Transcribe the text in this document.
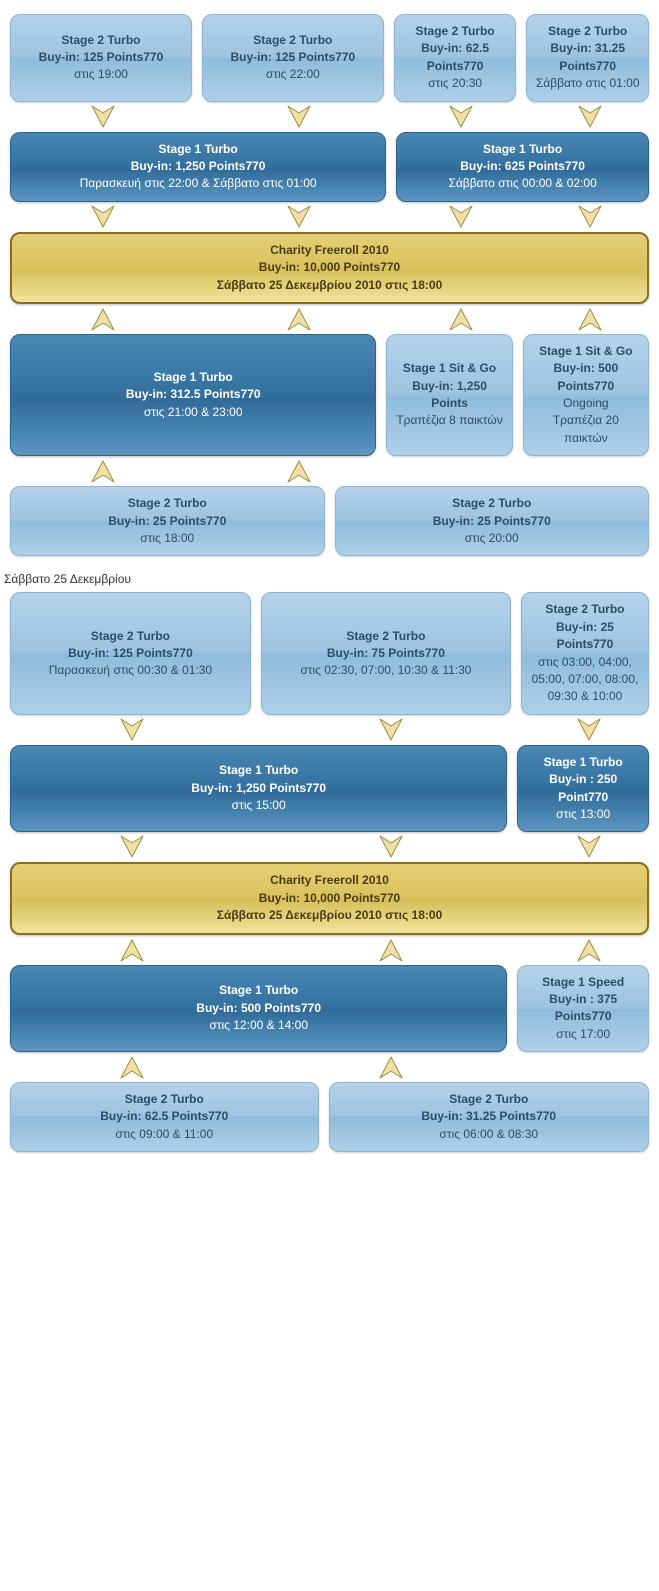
Stage 2 Turbo
Buy-in: 125 Points770
στις 19:00
Stage 2 Turbo
Buy-in: 125 Points770
στις 22:00
Stage 2 Turbo
Buy-in: 62.5 Points770
στις 20:30
Stage 2 Turbo
Buy-in: 31.25 Points770
Σάββατο στις 01:00
Stage 1 Turbo
Buy-in: 1,250 Points770
Παρασκευή στις 22:00 & Σάββατο στις 01:00
Stage 1 Turbo
Buy-in: 625 Points770
Σάββατο στις 00:00 & 02:00
Charity Freeroll 2010
Buy-in: 10,000 Points770
Σάββατο 25 Δεκεμβρίου 2010 στις 18:00
Stage 1 Turbo
Buy-in: 312.5 Points770
στις 21:00 & 23:00
Stage 1 Sit & Go
Buy-in: 1,250 Points
Τραπέζια 8 παικτών
Stage 1 Sit & Go
Buy-in: 500 Points770
Ongoing
Τραπέζια 20 παικτών
Stage 2 Turbo
Buy-in: 25 Points770
στις 18:00
Stage 2 Turbo
Buy-in: 25 Points770
στις 20:00
Σάββατο 25 Δεκεμβρίου
Stage 2 Turbo
Buy-in: 125 Points770
Παρασκευή στις 00:30 & 01:30
Stage 2 Turbo
Buy-in: 75 Points770
στις 02:30, 07:00, 10:30 & 11:30
Stage 2 Turbo
Buy-in: 25 Points770
στις 03:00, 04:00, 05:00, 07:00, 08:00, 09:30 & 10:00
Stage 1 Turbo
Buy-in: 1,250 Points770
στις 15:00
Stage 1 Turbo
Buy-in : 250 Point770
στις 13:00
Charity Freeroll 2010
Buy-in: 10,000 Points770
Σάββατο 25 Δεκεμβρίου 2010 στις 18:00
Stage 1 Turbo
Buy-in: 500 Points770
στις 12:00 & 14:00
Stage 1 Speed
Buy-in : 375 Points770
στις 17:00
Stage 2 Turbo
Buy-in: 62.5 Points770
στις 09:00 & 11:00
Stage 2 Turbo
Buy-in: 31.25 Points770
στις 06:00 & 08:30
